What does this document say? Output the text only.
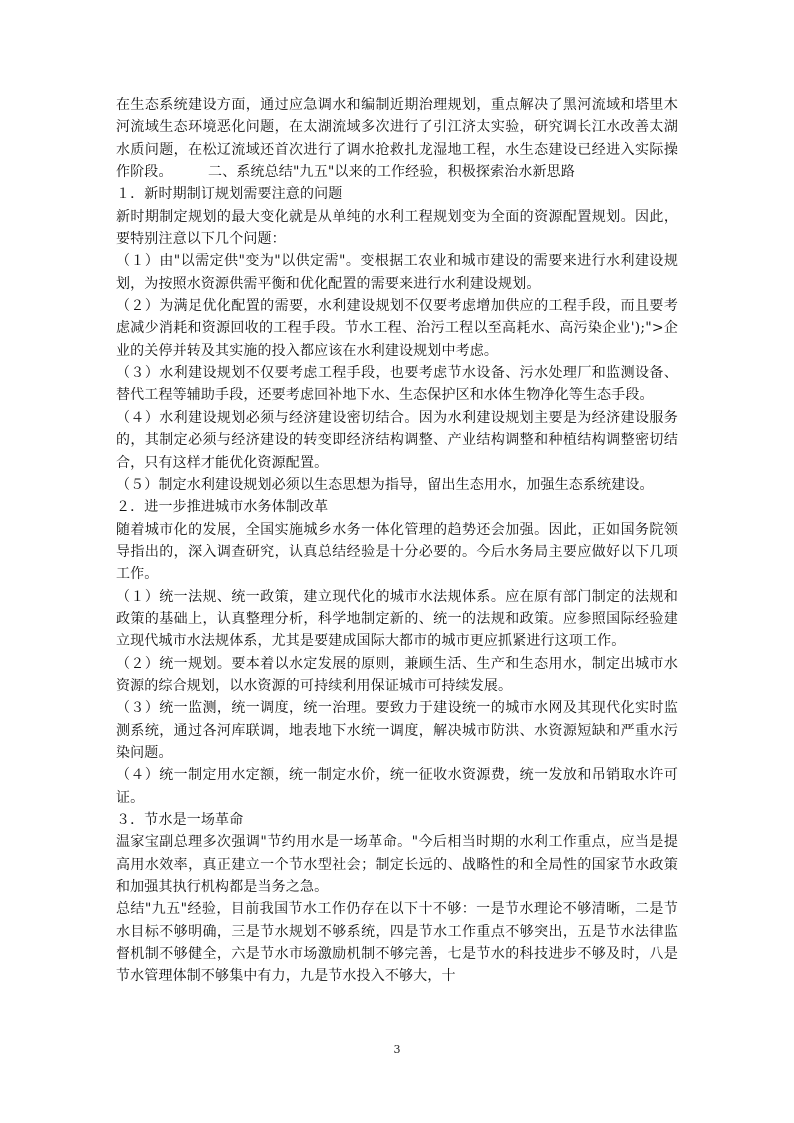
在生态系统建设方面，通过应急调水和编制近期治理规划，重点解决了黑河流域和塔里木河流域生态环境恶化问题，在太湖流域多次进行了引江济太实验，研究调长江水改善太湖水质问题，在松辽流域还首次进行了调水抢救扎龙湿地工程，水生态建设已经进入实际操作阶段。　　　二、系统总结"九五"以来的工作经验，积极探索治水新思路

１．新时期制订规划需要注意的问题

新时期制定规划的最大变化就是从单纯的水利工程规划变为全面的资源配置规划。因此，要特别注意以下几个问题：

（１）由"以需定供"变为"以供定需"。变根据工农业和城市建设的需要来进行水利建设规划，为按照水资源供需平衡和优化配置的需要来进行水利建设规划。

（２）为满足优化配置的需要，水利建设规划不仅要考虑增加供应的工程手段，而且要考虑减少消耗和资源回收的工程手段。节水工程、治污工程以至高耗水、高污染企业');">企业的关停并转及其实施的投入都应该在水利建设规划中考虑。

（３）水利建设规划不仅要考虑工程手段，也要考虑节水设备、污水处理厂和监测设备、替代工程等辅助手段，还要考虑回补地下水、生态保护区和水体生物净化等生态手段。

（４）水利建设规划必须与经济建设密切结合。因为水利建设规划主要是为经济建设服务的，其制定必须与经济建设的转变即经济结构调整、产业结构调整和种植结构调整密切结合，只有这样才能优化资源配置。

（５）制定水利建设规划必须以生态思想为指导，留出生态用水，加强生态系统建设。

２．进一步推进城市水务体制改革

随着城市化的发展，全国实施城乡水务一体化管理的趋势还会加强。因此，正如国务院领导指出的，深入调查研究，认真总结经验是十分必要的。今后水务局主要应做好以下几项工作。

（１）统一法规、统一政策，建立现代化的城市水法规体系。应在原有部门制定的法规和政策的基础上，认真整理分析，科学地制定新的、统一的法规和政策。应参照国际经验建立现代城市水法规体系，尤其是要建成国际大都市的城市更应抓紧进行这项工作。

（２）统一规划。要本着以水定发展的原则，兼顾生活、生产和生态用水，制定出城市水资源的综合规划，以水资源的可持续利用保证城市可持续发展。

（３）统一监测，统一调度，统一治理。要致力于建设统一的城市水网及其现代化实时监测系统，通过各河库联调，地表地下水统一调度，解决城市防洪、水资源短缺和严重水污染问题。

（４）统一制定用水定额，统一制定水价，统一征收水资源费，统一发放和吊销取水许可证。

３．节水是一场革命

温家宝副总理多次强调"节约用水是一场革命。"今后相当时期的水利工作重点，应当是提高用水效率，真正建立一个节水型社会；制定长远的、战略性的和全局性的国家节水政策和加强其执行机构都是当务之急。

总结"九五"经验，目前我国节水工作仍存在以下十不够：一是节水理论不够清晰，二是节水目标不够明确，三是节水规划不够系统，四是节水工作重点不够突出，五是节水法律监督机制不够健全，六是节水市场激励机制不够完善，七是节水的科技进步不够及时，八是节水管理体制不够集中有力，九是节水投入不够大，十

3
